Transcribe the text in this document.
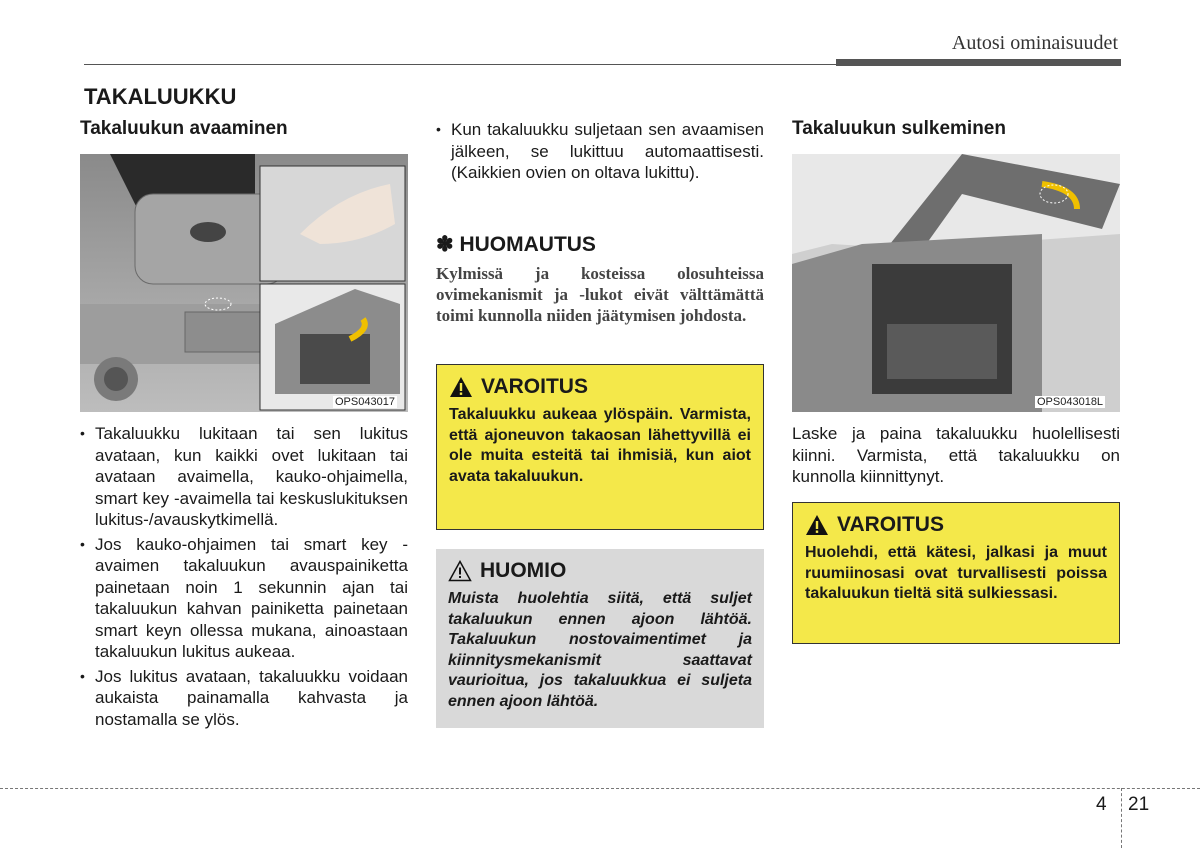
Autosi ominaisuudet
TAKALUUKKU
Takaluukun avaaminen
OPS043017
• Takaluukku lukitaan tai sen lukitus avataan, kun kaikki ovet lukitaan tai avataan avaimella, kauko-ohjaimella, smart key -avaimella tai keskuslukituksen lukitus-/avauskytkimellä.
• Jos kauko-ohjaimen tai smart key -avaimen takaluukun avauspainiketta painetaan noin 1 sekunnin ajan tai takaluukun kahvan painiketta painetaan smart keyn ollessa mukana, ainoastaan takaluukun lukitus aukeaa.
• Jos lukitus avataan, takaluukku voidaan aukaista painamalla kahvasta ja nostamalla se ylös.
• Kun takaluukku suljetaan sen avaamisen jälkeen, se lukittuu automaattisesti. (Kaikkien ovien on oltava lukittu).
✽ HUOMAUTUS
Kylmissä ja kosteissa olosuhteissa ovimekanismit ja -lukot eivät välttämättä toimi kunnolla niiden jäätymisen johdosta.
VAROITUS
Takaluukku aukeaa ylöspäin. Varmista, että ajoneuvon takaosan lähettyvillä ei ole muita esteitä tai ihmisiä, kun aiot avata takaluukun.
HUOMIO
Muista huolehtia siitä, että suljet takaluukun ennen ajoon lähtöä. Takaluukun nostovaimentimet ja kiinnitysmekanismit saattavat vaurioitua, jos takaluukkua ei suljeta ennen ajoon lähtöä.
Takaluukun sulkeminen
OPS043018L
Laske ja paina takaluukku huolellisesti kiinni. Varmista, että takaluukku on kunnolla kiinnittynyt.
VAROITUS
Huolehdi, että kätesi, jalkasi ja muut ruumiinosasi ovat turvallisesti poissa takaluukun tieltä sitä sulkiessasi.
4 21
